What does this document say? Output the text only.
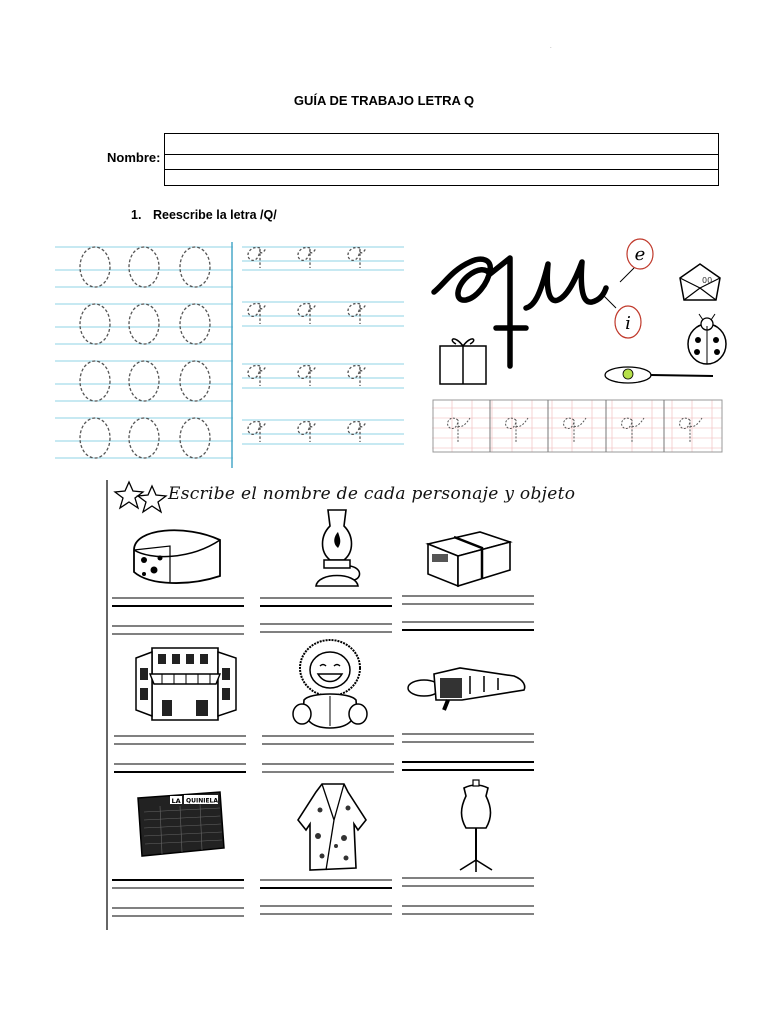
GUÍA DE TRABAJO LETRA Q
Nombre:
1. Reescribe la letra /Q/
qu
e
i
00
Escribe el nombre de cada personaje y objeto
LA QUINIELA
